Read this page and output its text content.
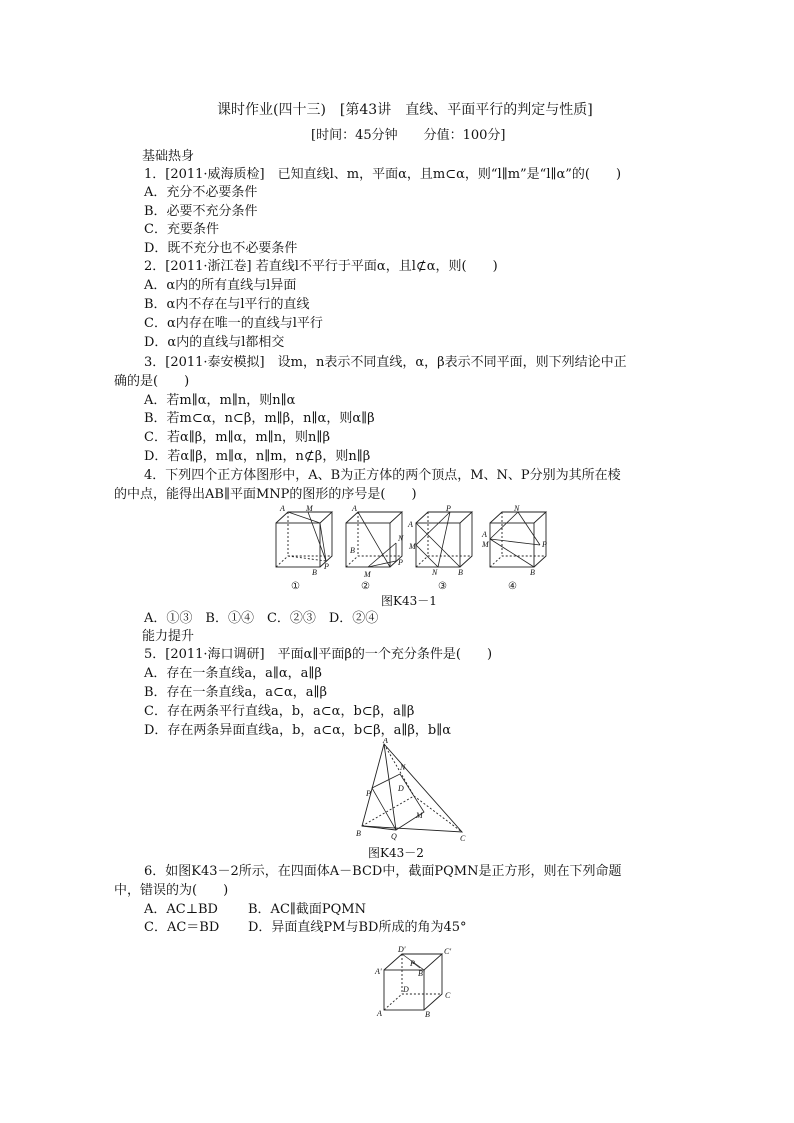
课时作业(四十三)　[第43讲　直线、平面平行的判定与性质]
[时间：45分钟　　分值：100分]
基础热身
1．[2011·威海质检]　已知直线l、m，平面α，且m⊂α，则“l∥m”是“l∥α”的(　　)
A．充分不必要条件
B．必要不充分条件
C．充要条件
D．既不充分也不必要条件
2．[2011·浙江卷] 若直线l不平行于平面α，且l⊄α，则(　　)
A．α内的所有直线与l异面
B．α内不存在与l平行的直线
C．α内存在唯一的直线与l平行
D．α内的直线与l都相交
3．[2011·泰安模拟]　设m，n表示不同直线，α，β表示不同平面，则下列结论中正
确的是(　　)
A．若m∥α，m∥n，则n∥α
B．若m⊂α，n⊂β，m∥β，n∥α，则α∥β
C．若α∥β，m∥α，m∥n，则n∥β
D．若α∥β，m∥α，n∥m，n⊄β，则n∥β
4．下列四个正方体图形中，A、B为正方体的两个顶点，M、N、P分别为其所在棱
的中点，能得出AB∥平面MNP的图形的序号是(　　)
A	M
B
P
A
B
N
M
P
P
A
M
N	B
A
N
M	P
B
①	②	③	④
图K43－1
A．①③　B．①④　C．②③　D．②④
能力提升
5．[2011·海口调研]　平面α∥平面β的一个充分条件是(　　)
A．存在一条直线a，a∥α，a∥β
B．存在一条直线a，a⊂α，a∥β
C．存在两条平行直线a，b，a⊂α，b⊂β，a∥β
D．存在两条异面直线a，b，a⊂α，b⊂β，a∥β，b∥α
A
D
P
N
M
B	Q	C
图K43－2
6．如图K43－2所示，在四面体A－BCD中，截面PQMN是正方形，则在下列命题
中，错误的为(　　)
A．AC⊥BD B．AC∥截面PQMN
C．AC＝BD D．异面直线PM与BD所成的角为45°
D'	C'
A'
P
B'
D
C
A	B
